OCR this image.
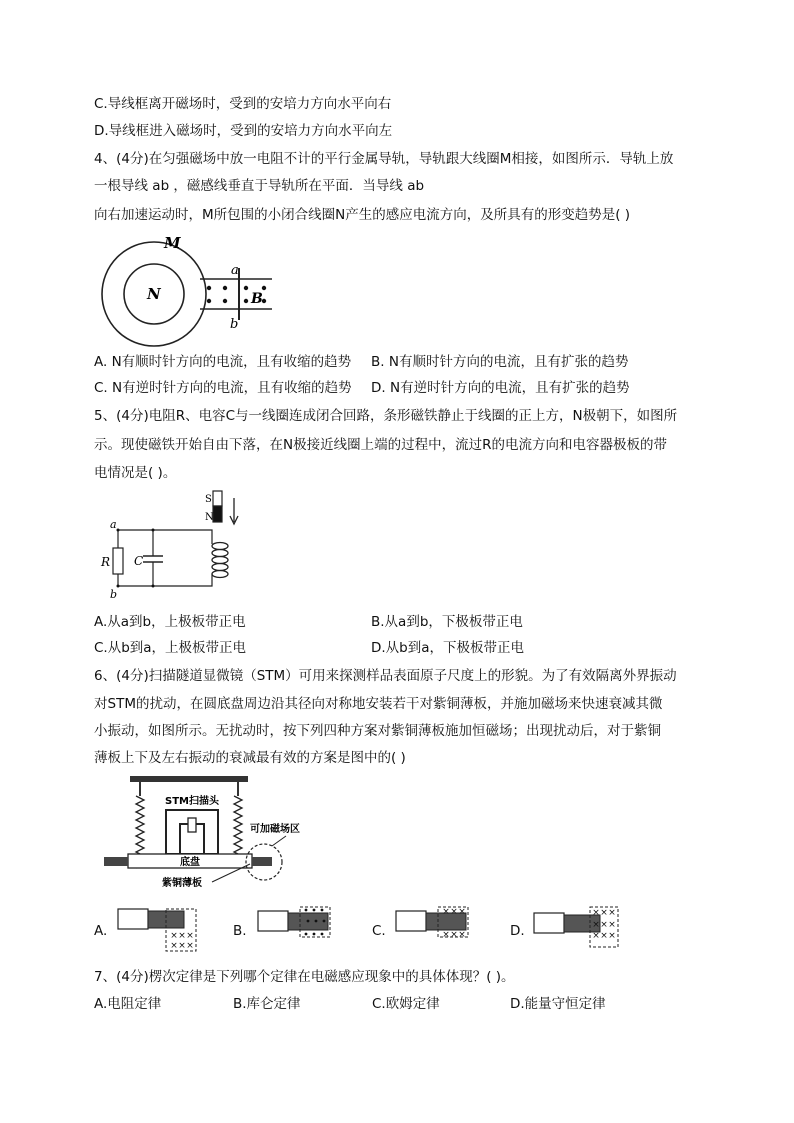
C.导线框离开磁场时，受到的安培力方向水平向右
D.导线框进入磁场时，受到的安培力方向水平向左
4、(4分)在匀强磁场中放一电阻不计的平行金属导轨，导轨跟大线圈M相接，如图所示．导轨上放
一根导线 ab ，磁感线垂直于导轨所在平面．当导线 ab
向右加速运动时，M所包围的小闭合线圈N产生的感应电流方向，及所具有的形变趋势是( )
M
N
a
b
B
A. N有顺时针方向的电流，且有收缩的趋势 B. N有顺时针方向的电流，且有扩张的趋势
C. N有逆时针方向的电流，且有收缩的趋势 D. N有逆时针方向的电流，且有扩张的趋势
5、(4分)电阻R、电容C与一线圈连成闭合回路，条形磁铁静止于线圈的正上方，N极朝下，如图所
示。现使磁铁开始自由下落，在N极接近线圈上端的过程中，流过R的电流方向和电容器极板的带
电情况是( )。
S
N
a
b
R C
A.从a到b，上极板带正电	B.从a到b，下极板带正电
C.从b到a，上极板带正电	D.从b到a，下极板带正电
6、(4分)扫描隧道显微镜（STM）可用来探测样品表面原子尺度上的形貌。为了有效隔离外界振动
对STM的扰动，在圆底盘周边沿其径向对称地安装若干对紫铜薄板，并施加磁场来快速衰减其微
小振动，如图所示。无扰动时，按下列四种方案对紫铜薄板施加恒磁场；出现扰动后，对于紫铜
薄板上下及左右振动的衰减最有效的方案是图中的( )
STM扫描头
底盘
可加磁场区
紫铜薄板
A.	× × ×
× × ×
B.	C.
× × ×
× × ×	D.
× × ×
× × ×
× × ×
7、(4分)楞次定律是下列哪个定律在电磁感应现象中的具体体现？( )。
A.电阻定律	B.库仑定律	C.欧姆定律	D.能量守恒定律
